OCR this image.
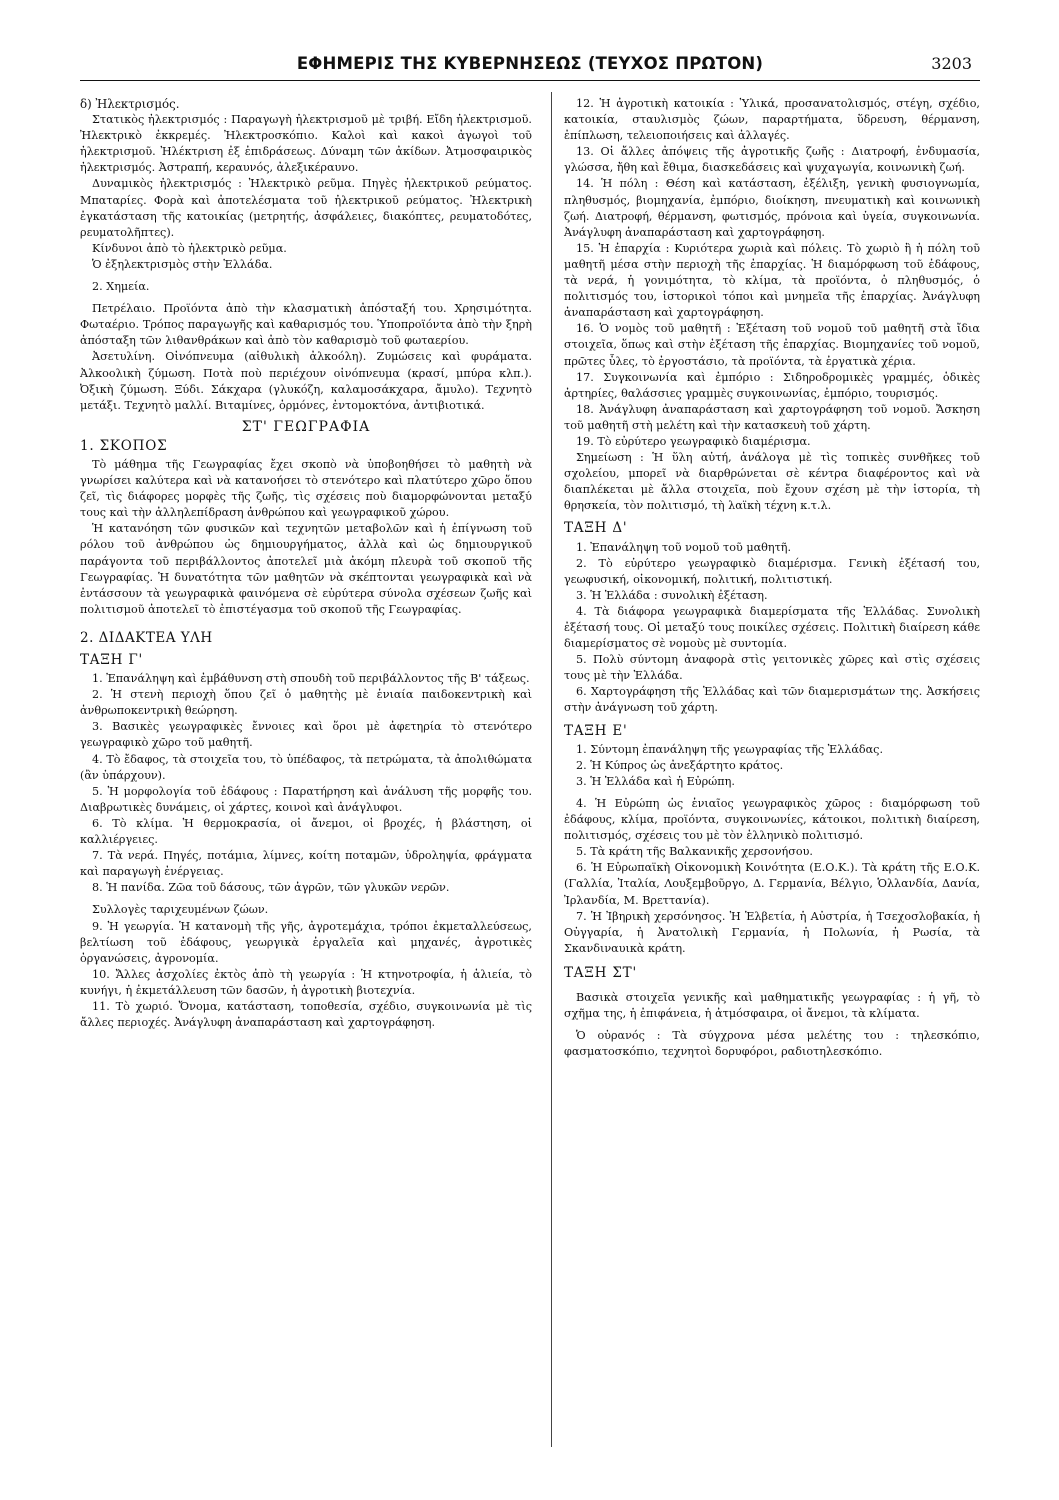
ΕΦΗΜΕΡΙΣ ΤΗΣ ΚΥΒΕΡΝΗΣΕΩΣ (ΤΕΥΧΟΣ ΠΡΩΤΟΝ)	3203

δ) Ἠλεκτρισμός.

Στατικὸς ἠλεκτρισμός : Παραγωγὴ ἠλεκτρισμοῦ μὲ τριβή. Εἴδη ἠλεκτρισμοῦ. Ἠλεκτρικὸ ἐκκρεμές. Ἠλεκτροσκόπιο. Καλοὶ καὶ κακοὶ ἀγωγοὶ τοῦ ἠλεκτρισμοῦ. Ἠλέκτριση ἐξ ἐπιδράσεως. Δύναμη τῶν ἀκίδων. Ἀτμοσφαιρικὸς ἠλεκτρισμός. Ἀστραπή, κεραυνός, ἀλεξικέραυνο.

Δυναμικὸς ἠλεκτρισμός : Ἠλεκτρικὸ ρεῦμα. Πηγὲς ἠλεκτρικοῦ ρεύματος. Μπαταρίες. Φορὰ καὶ ἀποτελέσματα τοῦ ἠλεκτρικοῦ ρεύματος. Ἠλεκτρικὴ ἐγκατάσταση τῆς κατοικίας (μετρητής, ἀσφάλειες, διακόπτες, ρευματοδότες, ρευματολῆπτες).

Κίνδυνοι ἀπὸ τὸ ἠλεκτρικὸ ρεῦμα.

Ὁ ἐξηλεκτρισμὸς στὴν Ἑλλάδα.

2. Χημεία.

Πετρέλαιο. Προϊόντα ἀπὸ τὴν κλασματικὴ ἀπόσταξή του. Χρησιμότητα. Φωταέριο. Τρόπος παραγωγῆς καὶ καθαρισμός του. Ὑποπροϊόντα ἀπὸ τὴν ξηρὴ ἀπόσταξη τῶν λιθανθράκων καὶ ἀπὸ τὸν καθαρισμὸ τοῦ φωταερίου.

Ἀσετυλίνη. Οἰνόπνευμα (αἰθυλικὴ ἀλκοόλη). Ζυμώσεις καὶ φυράματα. Ἀλκοολικὴ ζύμωση. Ποτὰ ποὺ περιέχουν οἰνόπνευμα (κρασί, μπύρα κλπ.). Ὀξικὴ ζύμωση. Ξύδι. Σάκχαρα (γλυκόζη, καλαμοσάκχαρα, ἄμυλο). Τεχνητὸ μετάξι. Τεχνητὸ μαλλί. Βιταμίνες, ὁρμόνες, ἐντομοκτόνα, ἀντιβιοτικά.

ΣΤ' ΓΕΩΓΡΑΦΙΑ

1. ΣΚΟΠΟΣ

Τὸ μάθημα τῆς Γεωγραφίας ἔχει σκοπὸ νὰ ὑποβοηθήσει τὸ μαθητὴ νὰ γνωρίσει καλύτερα καὶ νὰ κατανοήσει τὸ στενότερο καὶ πλατύτερο χῶρο ὅπου ζεῖ, τὶς διάφορες μορφὲς τῆς ζωῆς, τὶς σχέσεις ποὺ διαμορφώνονται μεταξύ τους καὶ τὴν ἀλληλεπίδραση ἀνθρώπου καὶ γεωγραφικοῦ χώρου.

Ἡ κατανόηση τῶν φυσικῶν καὶ τεχνητῶν μεταβολῶν καὶ ἡ ἐπίγνωση τοῦ ρόλου τοῦ ἀνθρώπου ὡς δημιουργήματος, ἀλλὰ καὶ ὡς δημιουργικοῦ παράγοντα τοῦ περιβάλλοντος ἀποτελεῖ μιὰ ἀκόμη πλευρὰ τοῦ σκοποῦ τῆς Γεωγραφίας. Ἡ δυνατότητα τῶν μαθητῶν νὰ σκέπτονται γεωγραφικὰ καὶ νὰ ἐντάσσουν τὰ γεωγραφικὰ φαινόμενα σὲ εὐρύτερα σύνολα σχέσεων ζωῆς καὶ πολιτισμοῦ ἀποτελεῖ τὸ ἐπιστέγασμα τοῦ σκοποῦ τῆς Γεωγραφίας.

2. ΔΙΔΑΚΤΕΑ ΥΛΗ
ΤΑΞΗ Γ'

1. Ἐπανάληψη καὶ ἐμβάθυνση στὴ σπουδὴ τοῦ περιβάλλοντος τῆς Β' τάξεως.

2. Ἡ στενὴ περιοχὴ ὅπου ζεῖ ὁ μαθητὴς μὲ ἑνιαία παιδοκεντρικὴ καὶ ἀνθρωποκεντρικὴ θεώρηση.

3. Βασικὲς γεωγραφικὲς ἔννοιες καὶ ὅροι μὲ ἀφετηρία τὸ στενότερο γεωγραφικὸ χῶρο τοῦ μαθητῆ.

4. Τὸ ἔδαφος, τὰ στοιχεῖα του, τὸ ὑπέδαφος, τὰ πετρώματα, τὰ ἀπολιθώματα (ἂν ὑπάρχουν).

5. Ἡ μορφολογία τοῦ ἐδάφους : Παρατήρηση καὶ ἀνάλυση τῆς μορφῆς του. Διαβρωτικὲς δυνάμεις, οἱ χάρτες, κοινοὶ καὶ ἀνάγλυφοι.

6. Τὸ κλίμα. Ἡ θερμοκρασία, οἱ ἄνεμοι, οἱ βροχές, ἡ βλάστηση, οἱ καλλιέργειες.

7. Τὰ νερά. Πηγές, ποτάμια, λίμνες, κοίτη ποταμῶν, ὑδροληψία, φράγματα καὶ παραγωγὴ ἐνέργειας.

8. Ἡ πανίδα. Ζῶα τοῦ δάσους, τῶν ἀγρῶν, τῶν γλυκῶν νερῶν.

Συλλογὲς ταριχευμένων ζώων.

9. Ἡ γεωργία. Ἡ κατανομὴ τῆς γῆς, ἀγροτεμάχια, τρόποι ἐκμεταλλεύσεως, βελτίωση τοῦ ἐδάφους, γεωργικὰ ἐργαλεῖα καὶ μηχανές, ἀγροτικὲς ὀργανώσεις, ἀγρονομία.

10. Ἄλλες ἀσχολίες ἐκτὸς ἀπὸ τὴ γεωργία : Ἡ κτηνοτροφία, ἡ ἁλιεία, τὸ κυνήγι, ἡ ἐκμετάλλευση τῶν δασῶν, ἡ ἀγροτικὴ βιοτεχνία.

11. Τὸ χωριό. Ὄνομα, κατάσταση, τοποθεσία, σχέδιο, συγκοινωνία μὲ τὶς ἄλλες περιοχές. Ἀνάγλυφη ἀναπαράσταση καὶ χαρτογράφηση.

12. Ἡ ἀγροτικὴ κατοικία : Ὑλικά, προσανατολισμός, στέγη, σχέδιο, κατοικία, σταυλισμὸς ζώων, παραρτήματα, ὕδρευση, θέρμανση, ἐπίπλωση, τελειοποιήσεις καὶ ἀλλαγές.

13. Οἱ ἄλλες ἀπόψεις τῆς ἀγροτικῆς ζωῆς : Διατροφή, ἐνδυμασία, γλώσσα, ἤθη καὶ ἔθιμα, διασκεδάσεις καὶ ψυχαγωγία, κοινωνικὴ ζωή.

14. Ἡ πόλη : Θέση καὶ κατάσταση, ἐξέλιξη, γενικὴ φυσιογνωμία, πληθυσμός, βιομηχανία, ἐμπόριο, διοίκηση, πνευματικὴ καὶ κοινωνικὴ ζωή. Διατροφή, θέρμανση, φωτισμός, πρόνοια καὶ ὑγεία, συγκοινωνία. Ἀνάγλυφη ἀναπαράσταση καὶ χαρτογράφηση.

15. Ἡ ἐπαρχία : Κυριότερα χωριὰ καὶ πόλεις. Τὸ χωριὸ ἢ ἡ πόλη τοῦ μαθητῆ μέσα στὴν περιοχὴ τῆς ἐπαρχίας. Ἡ διαμόρφωση τοῦ ἐδάφους, τὰ νερά, ἡ γονιμότητα, τὸ κλίμα, τὰ προϊόντα, ὁ πληθυσμός, ὁ πολιτισμός του, ἱστορικοὶ τόποι καὶ μνημεῖα τῆς ἐπαρχίας. Ἀνάγλυφη ἀναπαράσταση καὶ χαρτογράφηση.

16. Ὁ νομὸς τοῦ μαθητῆ : Ἐξέταση τοῦ νομοῦ τοῦ μαθητῆ στὰ ἴδια στοιχεῖα, ὅπως καὶ στὴν ἐξέταση τῆς ἐπαρχίας. Βιομηχανίες τοῦ νομοῦ, πρῶτες ὗλες, τὸ ἐργοστάσιο, τὰ προϊόντα, τὰ ἐργατικὰ χέρια.

17. Συγκοινωνία καὶ ἐμπόριο : Σιδηροδρομικὲς γραμμές, ὁδικὲς ἀρτηρίες, θαλάσσιες γραμμὲς συγκοινωνίας, ἐμπόριο, τουρισμός.

18. Ἀνάγλυφη ἀναπαράσταση καὶ χαρτογράφηση τοῦ νομοῦ. Ἄσκηση τοῦ μαθητῆ στὴ μελέτη καὶ τὴν κατασκευὴ τοῦ χάρτη.

19. Τὸ εὐρύτερο γεωγραφικὸ διαμέρισμα.

Σημείωση : Ἡ ὕλη αὐτή, ἀνάλογα μὲ τὶς τοπικὲς συνθῆκες τοῦ σχολείου, μπορεῖ νὰ διαρθρώνεται σὲ κέντρα διαφέροντος καὶ νὰ διαπλέκεται μὲ ἄλλα στοιχεῖα, ποὺ ἔχουν σχέση μὲ τὴν ἱστορία, τὴ θρησκεία, τὸν πολιτισμό, τὴ λαϊκὴ τέχνη κ.τ.λ.

ΤΑΞΗ Δ'

1. Ἐπανάληψη τοῦ νομοῦ τοῦ μαθητῆ.

2. Τὸ εὐρύτερο γεωγραφικὸ διαμέρισμα. Γενικὴ ἐξέτασή του, γεωφυσική, οἰκονομική, πολιτική, πολιτιστική.

3. Ἡ Ἑλλάδα : συνολικὴ ἐξέταση.

4. Τὰ διάφορα γεωγραφικὰ διαμερίσματα τῆς Ἑλλάδας. Συνολικὴ ἐξέτασή τους. Οἱ μεταξύ τους ποικίλες σχέσεις. Πολιτικὴ διαίρεση κάθε διαμερίσματος σὲ νομοὺς μὲ συντομία.

5. Πολὺ σύντομη ἀναφορὰ στὶς γειτονικὲς χῶρες καὶ στὶς σχέσεις τους μὲ τὴν Ἑλλάδα.

6. Χαρτογράφηση τῆς Ἑλλάδας καὶ τῶν διαμερισμάτων της. Ἀσκήσεις στὴν ἀνάγνωση τοῦ χάρτη.

ΤΑΞΗ Ε'

1. Σύντομη ἐπανάληψη τῆς γεωγραφίας τῆς Ἑλλάδας.

2. Ἡ Κύπρος ὡς ἀνεξάρτητο κράτος.

3. Ἡ Ἑλλάδα καὶ ἡ Εὐρώπη.

4. Ἡ Εὐρώπη ὡς ἑνιαῖος γεωγραφικὸς χῶρος : διαμόρφωση τοῦ ἐδάφους, κλίμα, προϊόντα, συγκοινωνίες, κάτοικοι, πολιτικὴ διαίρεση, πολιτισμός, σχέσεις του μὲ τὸν ἑλληνικὸ πολιτισμό.

5. Τὰ κράτη τῆς Βαλκανικῆς χερσονήσου.

6. Ἡ Εὐρωπαϊκὴ Οἰκονομικὴ Κοινότητα (Ε.Ο.Κ.). Τὰ κράτη τῆς Ε.Ο.Κ. (Γαλλία, Ἰταλία, Λουξεμβοῦργο, Δ. Γερμανία, Βέλγιο, Ὁλλανδία, Δανία, Ἰρλανδία, Μ. Βρεττανία).

7. Ἡ Ἰβηρικὴ χερσόνησος. Ἡ Ἑλβετία, ἡ Αὐστρία, ἡ Τσεχοσλοβακία, ἡ Οὐγγαρία, ἡ Ἀνατολικὴ Γερμανία, ἡ Πολωνία, ἡ Ρωσία, τὰ Σκανδιναυικὰ κράτη.

ΤΑΞΗ ΣΤ'

Βασικὰ στοιχεῖα γενικῆς καὶ μαθηματικῆς γεωγραφίας : ἡ γῆ, τὸ σχῆμα της, ἡ ἐπιφάνεια, ἡ ἀτμόσφαιρα, οἱ ἄνεμοι, τὰ κλίματα.

Ὁ οὐρανός : Τὰ σύγχρονα μέσα μελέτης του : τηλεσκόπιο, φασματοσκόπιο, τεχνητοὶ δορυφόροι, ραδιοτηλεσκόπιο.
